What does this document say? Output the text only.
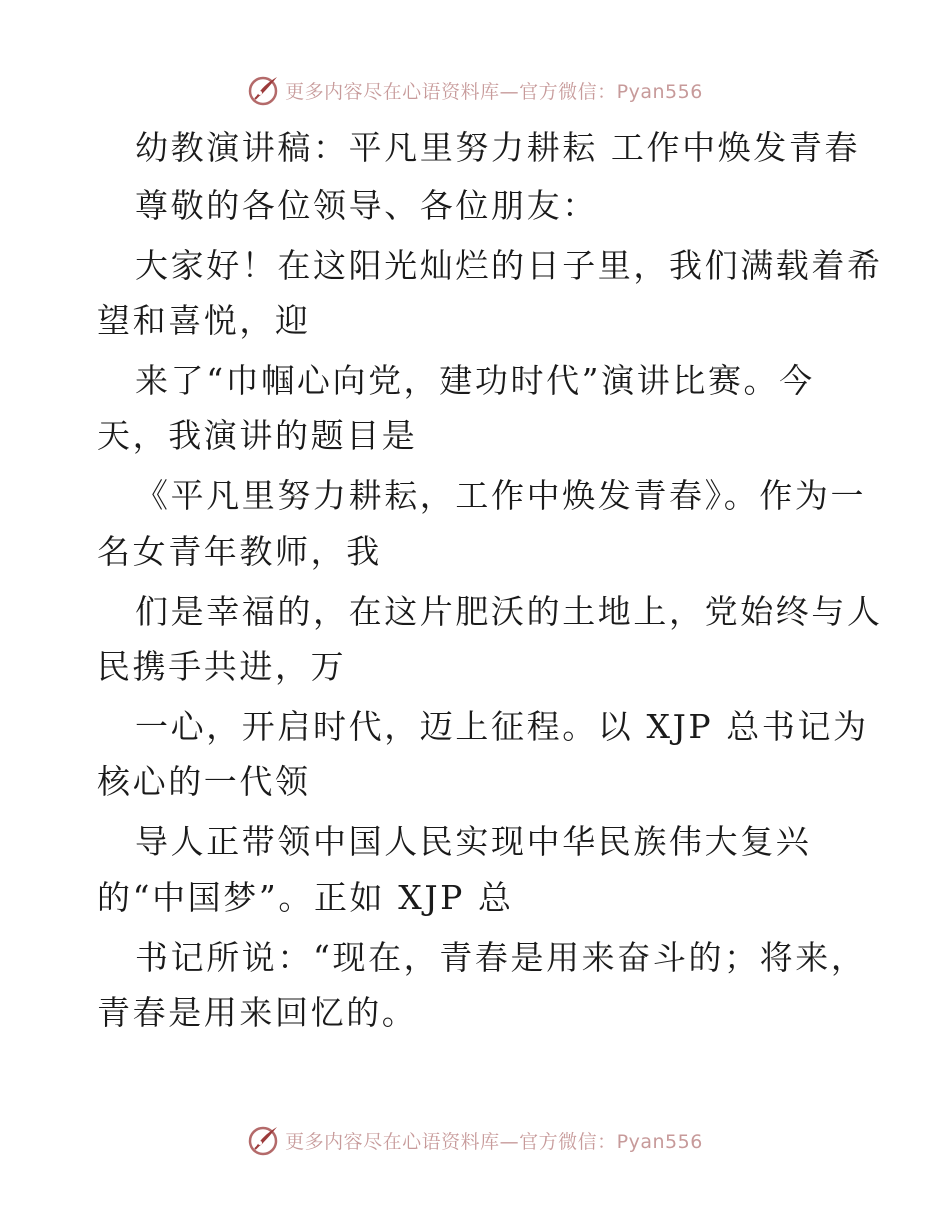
更多内容尽在心语资料库—官方微信：Pyan556
幼教演讲稿：平凡里努力耕耘 工作中焕发青春
尊敬的各位领导、各位朋友：
大家好！在这阳光灿烂的日子里，我们满载着希
望和喜悦，迎
来了“巾帼心向党，建功时代”演讲比赛。今
天，我演讲的题目是
《平凡里努力耕耘，工作中焕发青春》。作为一
名女青年教师，我
们是幸福的，在这片肥沃的土地上，党始终与人
民携手共进，万
一心，开启时代，迈上征程。以 XJP 总书记为
核心的一代领
导人正带领中国人民实现中华民族伟大复兴
的“中国梦”。正如 XJP 总
书记所说：“现在，青春是用来奋斗的；将来，
青春是用来回忆的。
更多内容尽在心语资料库—官方微信：Pyan556
